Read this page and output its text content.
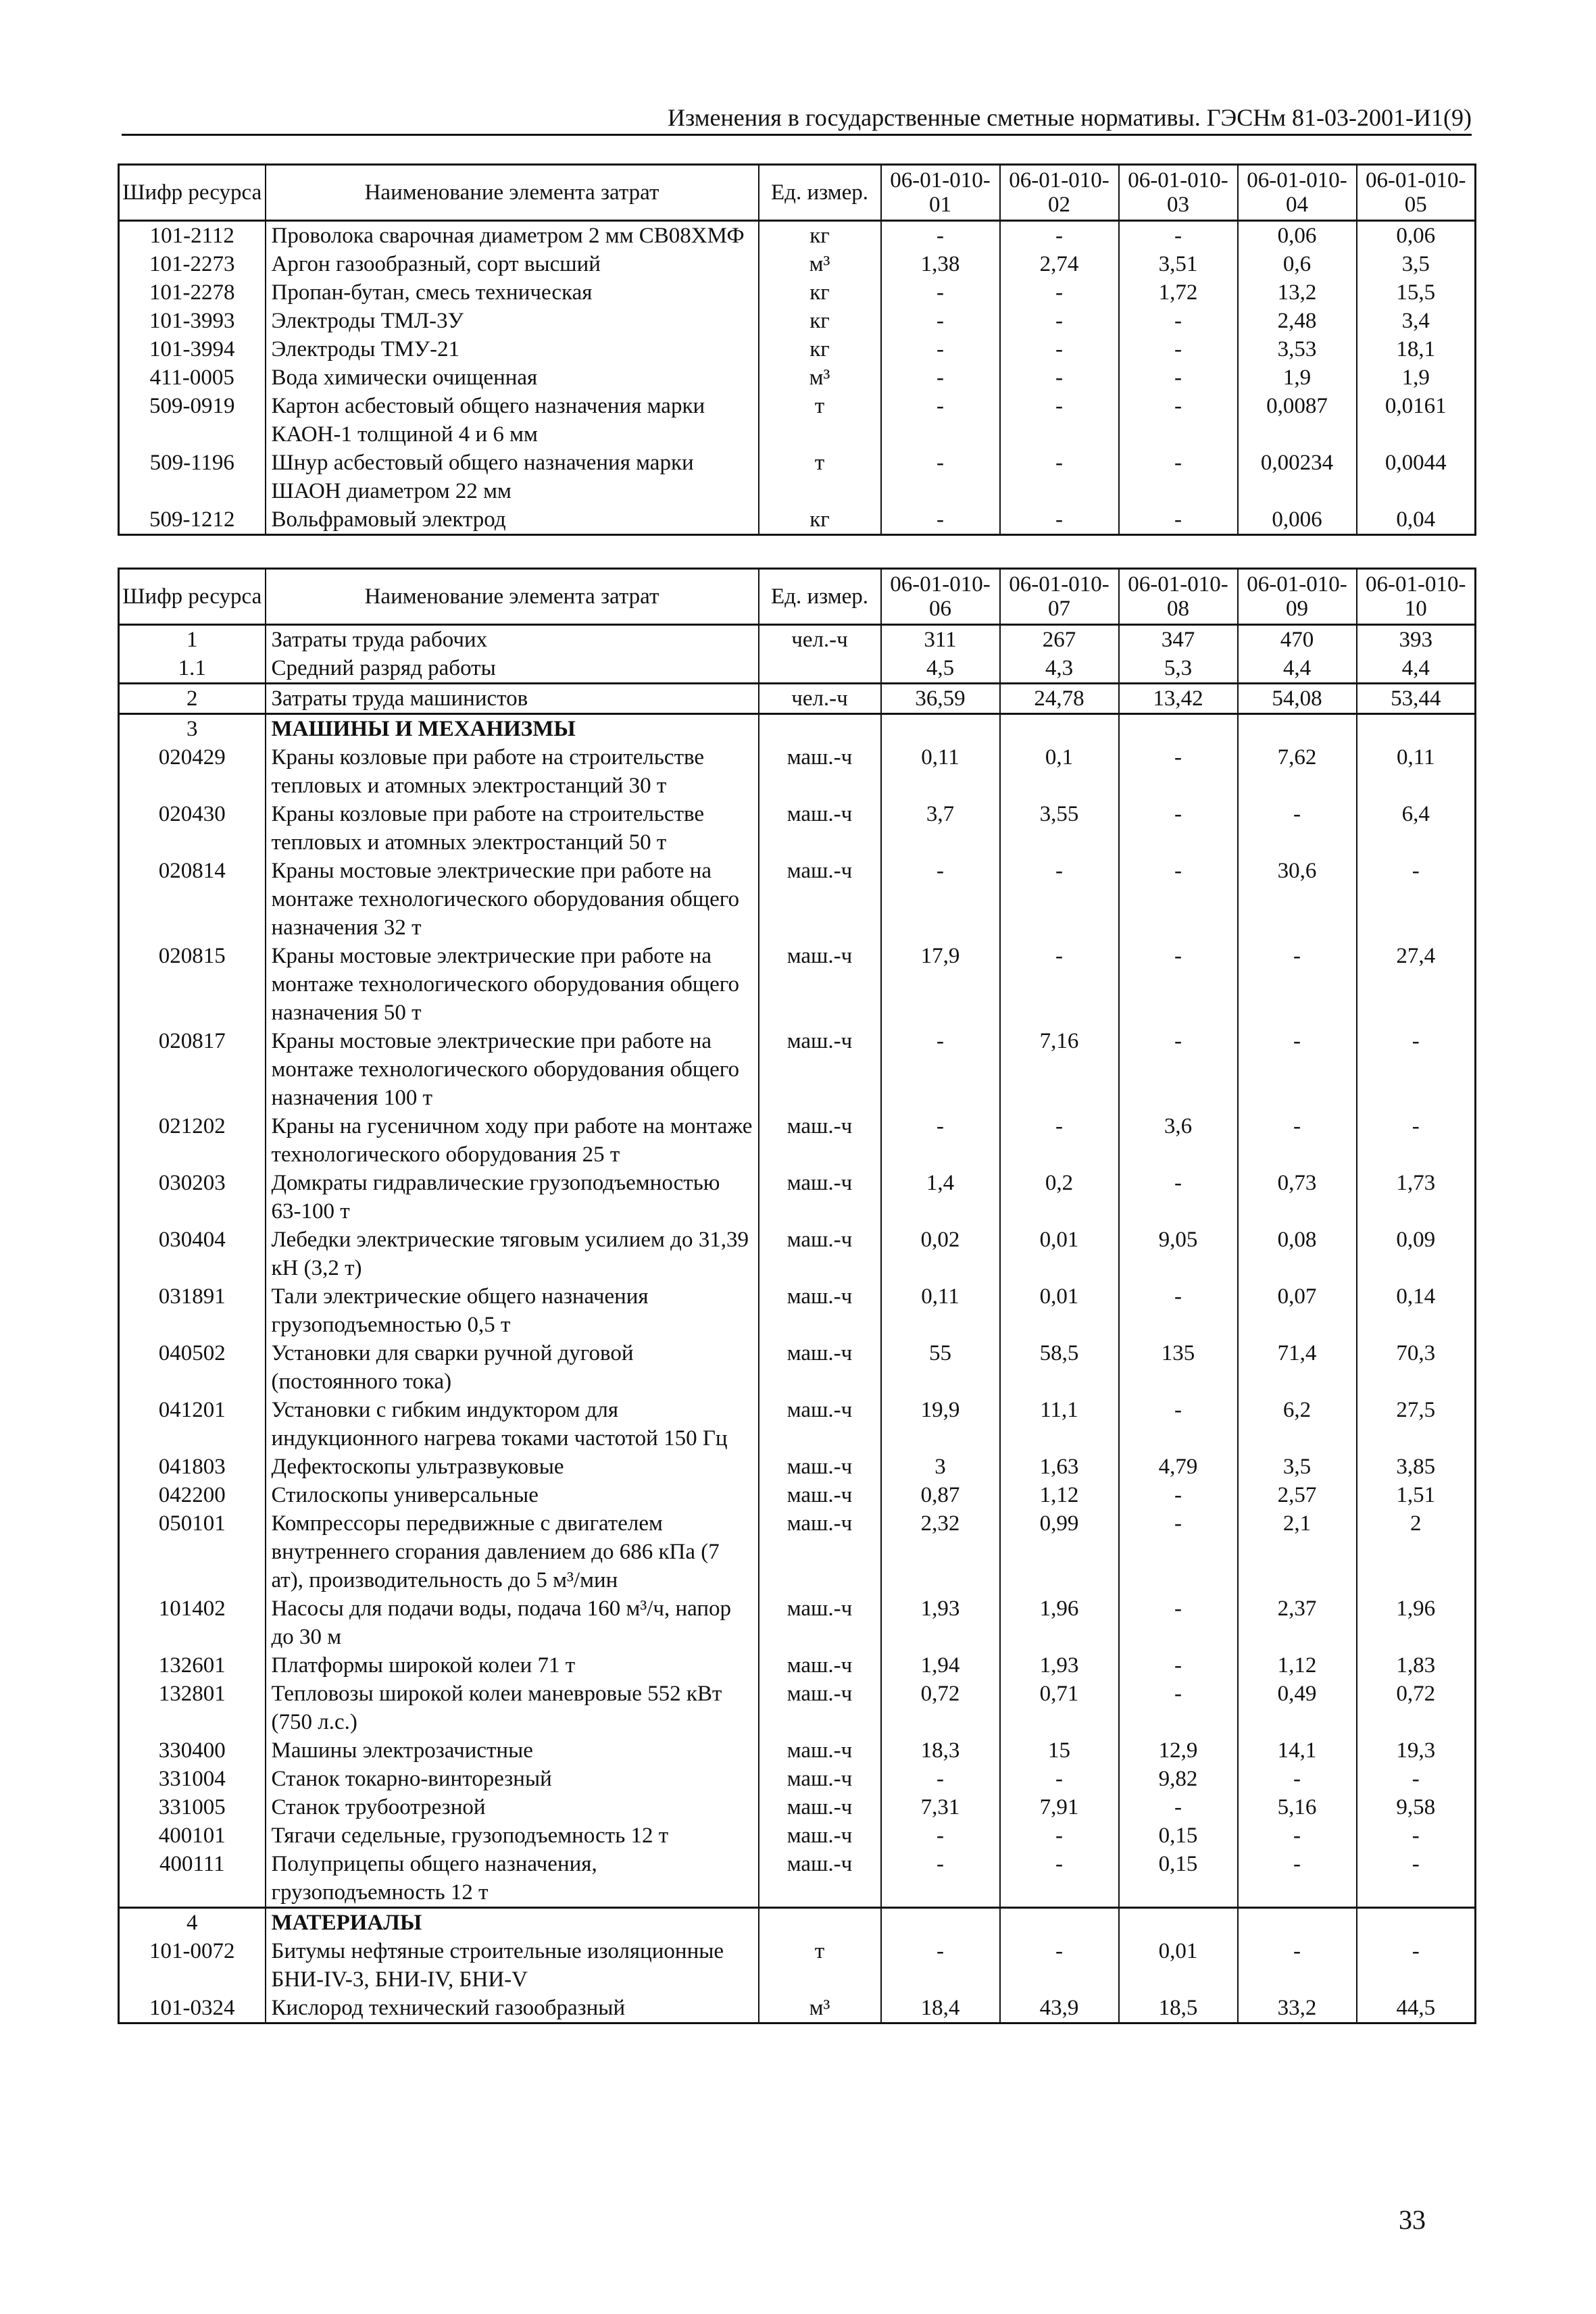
Изменения в государственные сметные нормативы. ГЭСНм 81-03-2001-И1(9)
Шифр ресурса	Наименование элемента затрат	Ед. измер.	06-01-010-01	06-01-010-02	06-01-010-03	06-01-010-04	06-01-010-05
101-2112	Проволока сварочная диаметром 2 мм СВ08ХМФ	кг	-	-	-	0,06	0,06
101-2273	Аргон газообразный, сорт высший	м³	1,38	2,74	3,51	0,6	3,5
101-2278	Пропан-бутан, смесь техническая	кг	-	-	1,72	13,2	15,5
101-3993	Электроды ТМЛ-3У	кг	-	-	-	2,48	3,4
101-3994	Электроды ТМУ-21	кг	-	-	-	3,53	18,1
411-0005	Вода химически очищенная	м³	-	-	-	1,9	1,9
509-0919	Картон асбестовый общего назначения марки КАОН-1 толщиной 4 и 6 мм	т	-	-	-	0,0087	0,0161
509-1196	Шнур асбестовый общего назначения марки ШАОН диаметром 22 мм	т	-	-	-	0,00234	0,0044
509-1212	Вольфрамовый электрод	кг	-	-	-	0,006	0,04
Шифр ресурса	Наименование элемента затрат	Ед. измер.	06-01-010-06	06-01-010-07	06-01-010-08	06-01-010-09	06-01-010-10
1	Затраты труда рабочих	чел.-ч	311	267	347	470	393
1.1	Средний разряд работы		4,5	4,3	5,3	4,4	4,4
2	Затраты труда машинистов	чел.-ч	36,59	24,78	13,42	54,08	53,44
3	МАШИНЫ И МЕХАНИЗМЫ						
020429	Краны козловые при работе на строительстве тепловых и атомных электростанций 30 т	маш.-ч	0,11	0,1	-	7,62	0,11
020430	Краны козловые при работе на строительстве тепловых и атомных электростанций 50 т	маш.-ч	3,7	3,55	-	-	6,4
020814	Краны мостовые электрические при работе на монтаже технологического оборудования общего назначения 32 т	маш.-ч	-	-	-	30,6	-
020815	Краны мостовые электрические при работе на монтаже технологического оборудования общего назначения 50 т	маш.-ч	17,9	-	-	-	27,4
020817	Краны мостовые электрические при работе на монтаже технологического оборудования общего назначения 100 т	маш.-ч	-	7,16	-	-	-
021202	Краны на гусеничном ходу при работе на монтаже технологического оборудования 25 т	маш.-ч	-	-	3,6	-	-
030203	Домкраты гидравлические грузоподъемностью 63-100 т	маш.-ч	1,4	0,2	-	0,73	1,73
030404	Лебедки электрические тяговым усилием до 31,39 кН (3,2 т)	маш.-ч	0,02	0,01	9,05	0,08	0,09
031891	Тали электрические общего назначения грузоподъемностью 0,5 т	маш.-ч	0,11	0,01	-	0,07	0,14
040502	Установки для сварки ручной дуговой (постоянного тока)	маш.-ч	55	58,5	135	71,4	70,3
041201	Установки с гибким индуктором для индукционного нагрева токами частотой 150 Гц	маш.-ч	19,9	11,1	-	6,2	27,5
041803	Дефектоскопы ультразвуковые	маш.-ч	3	1,63	4,79	3,5	3,85
042200	Стилоскопы универсальные	маш.-ч	0,87	1,12	-	2,57	1,51
050101	Компрессоры передвижные с двигателем внутреннего сгорания давлением до 686 кПа (7 ат), производительность до 5 м³/мин	маш.-ч	2,32	0,99	-	2,1	2
101402	Насосы для подачи воды, подача 160 м³/ч, напор до 30 м	маш.-ч	1,93	1,96	-	2,37	1,96
132601	Платформы широкой колеи 71 т	маш.-ч	1,94	1,93	-	1,12	1,83
132801	Тепловозы широкой колеи маневровые 552 кВт (750 л.с.)	маш.-ч	0,72	0,71	-	0,49	0,72
330400	Машины электрозачистные	маш.-ч	18,3	15	12,9	14,1	19,3
331004	Станок токарно-винторезный	маш.-ч	-	-	9,82	-	-
331005	Станок трубоотрезной	маш.-ч	7,31	7,91	-	5,16	9,58
400101	Тягачи седельные, грузоподъемность 12 т	маш.-ч	-	-	0,15	-	-
400111	Полуприцепы общего назначения, грузоподъемность 12 т	маш.-ч	-	-	0,15	-	-
4	МАТЕРИАЛЫ						
101-0072	Битумы нефтяные строительные изоляционные БНИ-IV-3, БНИ-IV, БНИ-V	т	-	-	0,01	-	-
101-0324	Кислород технический газообразный	м³	18,4	43,9	18,5	33,2	44,5
33
